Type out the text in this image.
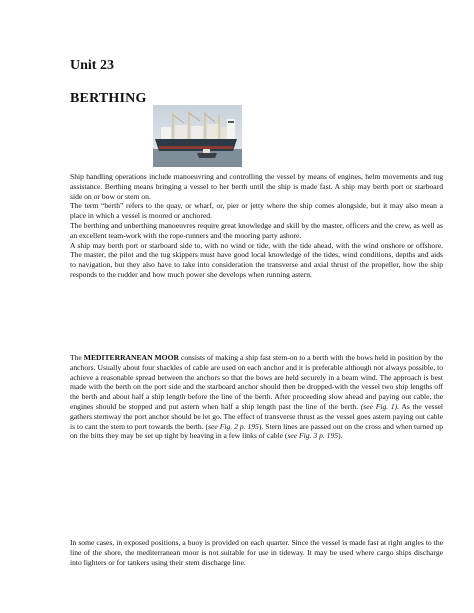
Unit 23
BERTHING

Ship handling operations include manoeuvring and controlling the vessel by means of engines, helm movements and tug assistance. Berthing means bringing a vessel to her berth until the ship is made fast. A ship may berth port or starboard side on or bow or stem on.

The term “berth” refers to the quay, or wharf, or, pier or jetty where the ship comes alongside, but it may also mean a place in which a vessel is moored or anchored.

The berthing and unberthing manoeuvres require great knowledge and skill by the master, officers and the crew, as well as an excellent team-work with the rope-runners and the mooring party ashore.

A ship may berth port or starboard side to, with no wind or tide, with the tide ahead, with the wind onshore or offshore. The master, the pilot and the tug skippers must have good local knowledge of the tides, wind conditions, depths and aids to navigation, but they also have to take into consideration the transverse and axial thrust of the propeller, how the ship responds to the rudder and how much power she develops when running astern.

The MEDITERRANEAN MOOR consists of making a ship fast stem-on to a berth with the bows held in position by the anchors. Usually about four shackles of cable are used on each anchor and it is preferable although not always possible, to achieve a reasonable spread between the anchors so that the bows are held securely in a beam wind. The approach is best made with the berth on the port side and the starboard anchor should then be dropped-with the vessel two ship lengths off the berth and about half a ship length before the line of the berth. After proceeding slow ahead and paying out cable, the engines should be stopped and put astern when half a ship length past the line of the berth. (see Fig. 1). As the vessel gathers sternway the port anchor should be let go. The effect of transverse thrust as the vessel goes astern paying out cable is to cant the stem to port towards the berth. (see Fig. 2 p. 195). Stern lines are passed out on the cross and when turned up on the bitts they may be set up tight by heaving in a few links of cable (see Fig. 3 p. 195).

In some cases, in exposed positions, a buoy is provided on each quarter. Since the vessel is made fast at right angles to the line of the shore, the mediterranean moor is not suitable for use in tideway. It may be used where cargo ships discharge into lighters or for tankers using their stem discharge line.
